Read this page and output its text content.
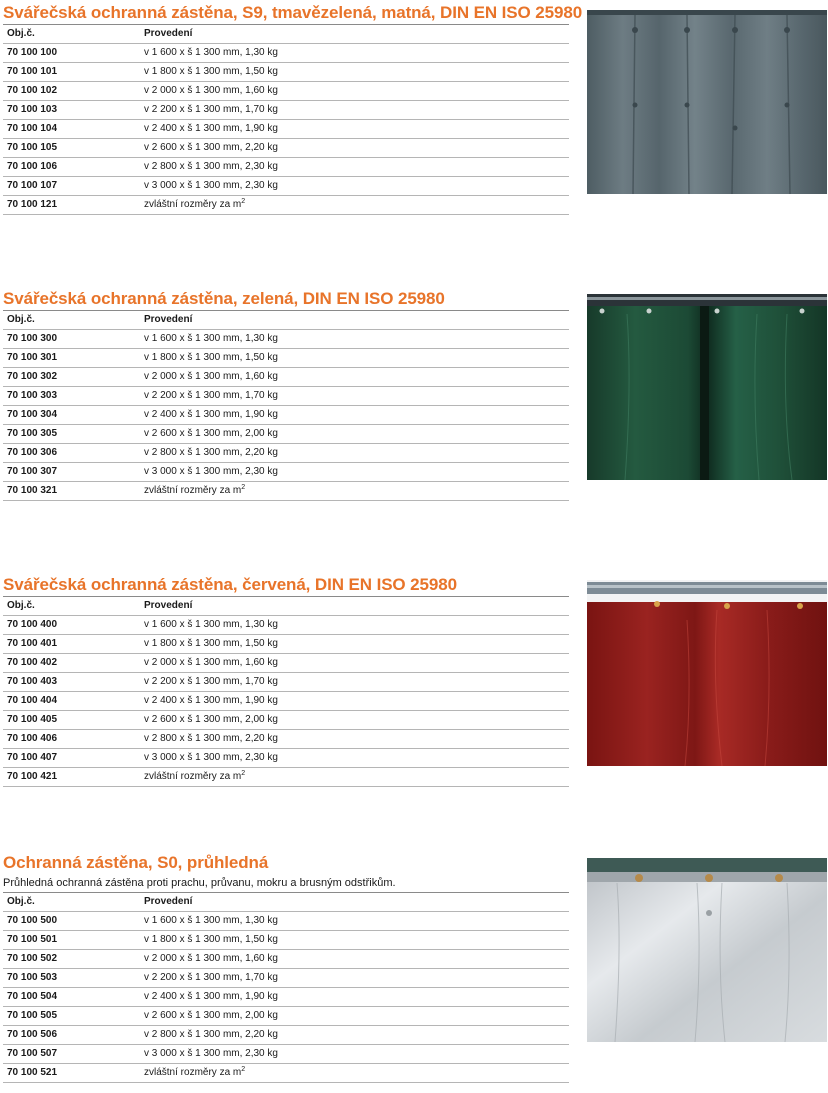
Svářečská ochranná zástěna, S9, tmavězelená, matná, DIN EN ISO 25980
Obj.č.	Provedení
70 100 100	v 1 600 x š 1 300 mm, 1,30 kg
70 100 101	v 1 800 x š 1 300 mm, 1,50 kg
70 100 102	v 2 000 x š 1 300 mm, 1,60 kg
70 100 103	v 2 200 x š 1 300 mm, 1,70 kg
70 100 104	v 2 400 x š 1 300 mm, 1,90 kg
70 100 105	v 2 600 x š 1 300 mm, 2,20 kg
70 100 106	v 2 800 x š 1 300 mm, 2,30 kg
70 100 107	v 3 000 x š 1 300 mm, 2,30 kg
70 100 121	zvláštní rozměry za $m^2$
Svářečská ochranná zástěna, zelená, DIN EN ISO 25980
Obj.č.	Provedení
70 100 300	v 1 600 x š 1 300 mm, 1,30 kg
70 100 301	v 1 800 x š 1 300 mm, 1,50 kg
70 100 302	v 2 000 x š 1 300 mm, 1,60 kg
70 100 303	v 2 200 x š 1 300 mm, 1,70 kg
70 100 304	v 2 400 x š 1 300 mm, 1,90 kg
70 100 305	v 2 600 x š 1 300 mm, 2,00 kg
70 100 306	v 2 800 x š 1 300 mm, 2,20 kg
70 100 307	v 3 000 x š 1 300 mm, 2,30 kg
70 100 321	zvláštní rozměry za $m^2$
Svářečská ochranná zástěna, červená, DIN EN ISO 25980
Obj.č.	Provedení
70 100 400	v 1 600 x š 1 300 mm, 1,30 kg
70 100 401	v 1 800 x š 1 300 mm, 1,50 kg
70 100 402	v 2 000 x š 1 300 mm, 1,60 kg
70 100 403	v 2 200 x š 1 300 mm, 1,70 kg
70 100 404	v 2 400 x š 1 300 mm, 1,90 kg
70 100 405	v 2 600 x š 1 300 mm, 2,00 kg
70 100 406	v 2 800 x š 1 300 mm, 2,20 kg
70 100 407	v 3 000 x š 1 300 mm, 2,30 kg
70 100 421	zvláštní rozměry za $m^2$
Ochranná zástěna, S0, průhledná
Průhledná ochranná zástěna proti prachu, průvanu, mokru a brusným odstřikům.
Obj.č.	Provedení
70 100 500	v 1 600 x š 1 300 mm, 1,30 kg
70 100 501	v 1 800 x š 1 300 mm, 1,50 kg
70 100 502	v 2 000 x š 1 300 mm, 1,60 kg
70 100 503	v 2 200 x š 1 300 mm, 1,70 kg
70 100 504	v 2 400 x š 1 300 mm, 1,90 kg
70 100 505	v 2 600 x š 1 300 mm, 2,00 kg
70 100 506	v 2 800 x š 1 300 mm, 2,20 kg
70 100 507	v 3 000 x š 1 300 mm, 2,30 kg
70 100 521	zvláštní rozměry za $m^2$
